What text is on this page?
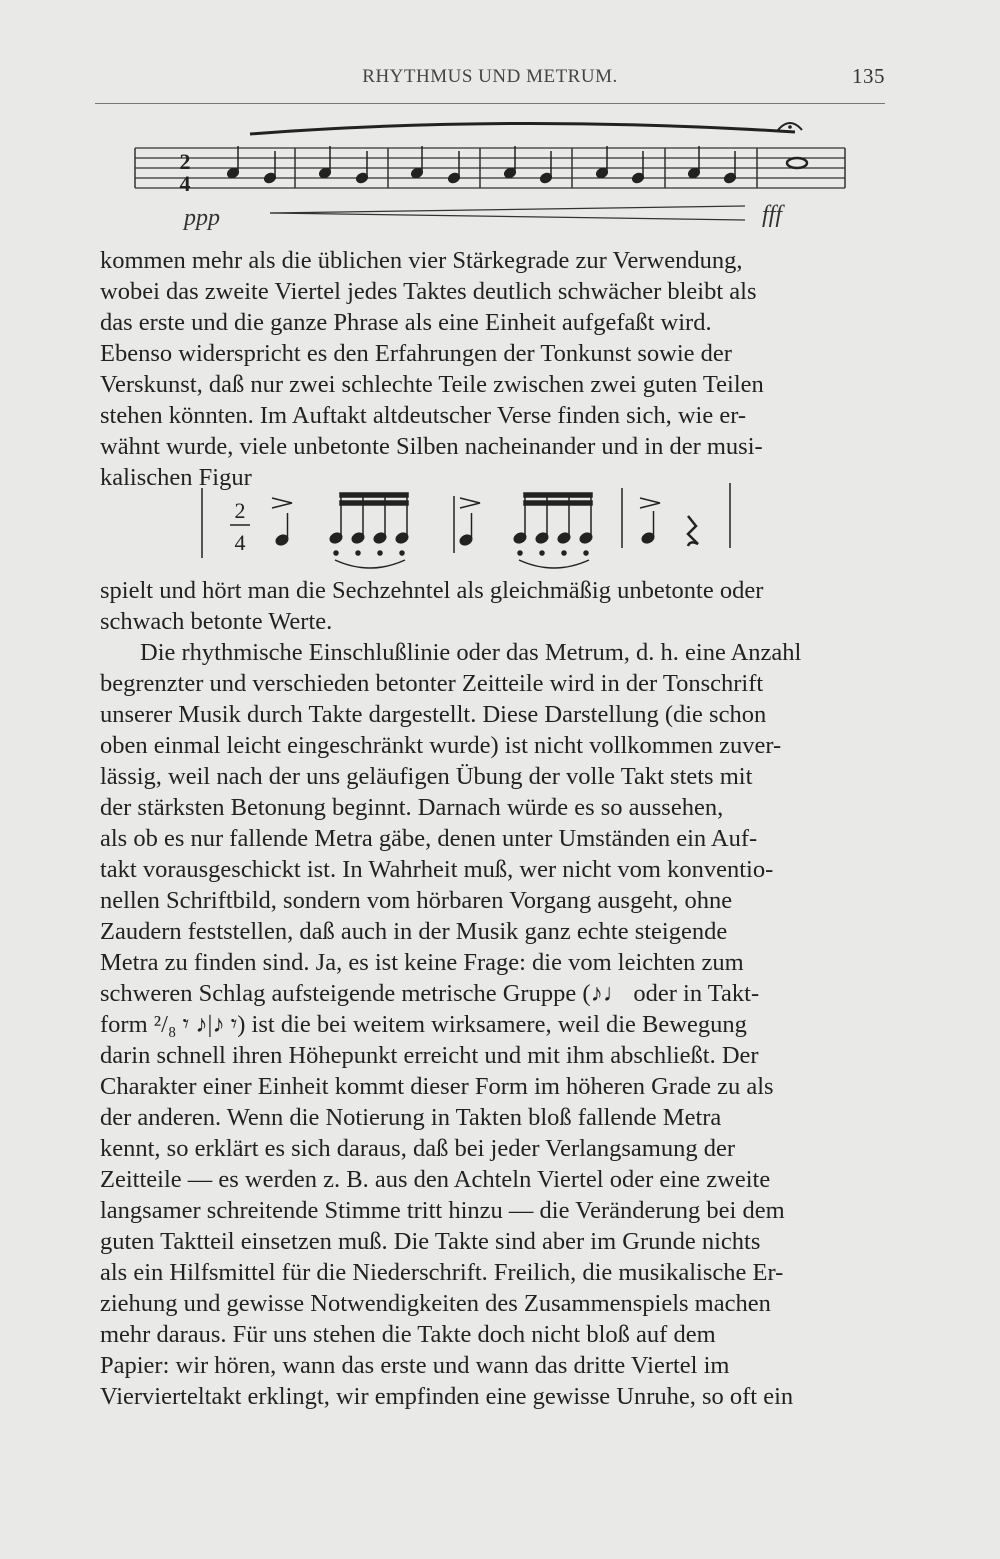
RHYTHMUS UND METRUM.	135
2
4
ppp	fff
kommen mehr als die üblichen vier Stärkegrade zur Verwendung,
wobei das zweite Viertel jedes Taktes deutlich schwächer bleibt als
das erste und die ganze Phrase als eine Einheit aufgefaßt wird.
Ebenso widerspricht es den Erfahrungen der Tonkunst sowie der
Verskunst, daß nur zwei schlechte Teile zwischen zwei guten Teilen
stehen könnten. Im Auftakt altdeutscher Verse finden sich, wie er-
wähnt wurde, viele unbetonte Silben nacheinander und in der musi-
kalischen Figur
2
4
spielt und hört man die Sechzehntel als gleichmäßig unbetonte oder
schwach betonte Werte.
Die rhythmische Einschlußlinie oder das Metrum, d. h. eine Anzahl
begrenzter und verschieden betonter Zeitteile wird in der Tonschrift
unserer Musik durch Takte dargestellt. Diese Darstellung (die schon
oben einmal leicht eingeschränkt wurde) ist nicht vollkommen zuver-
lässig, weil nach der uns geläufigen Übung der volle Takt stets mit
der stärksten Betonung beginnt. Darnach würde es so aussehen,
als ob es nur fallende Metra gäbe, denen unter Umständen ein Auf-
takt vorausgeschickt ist. In Wahrheit muß, wer nicht vom konventio-
nellen Schriftbild, sondern vom hörbaren Vorgang ausgeht, ohne
Zaudern feststellen, daß auch in der Musik ganz echte steigende
Metra zu finden sind. Ja, es ist keine Frage: die vom leichten zum
schweren Schlag aufsteigende metrische Gruppe (♪♩ oder in Takt-
form ²/₈ 𝄾 ♪|♪ 𝄾) ist die bei weitem wirksamere, weil die Bewegung
darin schnell ihren Höhepunkt erreicht und mit ihm abschließt. Der
Charakter einer Einheit kommt dieser Form im höheren Grade zu als
der anderen. Wenn die Notierung in Takten bloß fallende Metra
kennt, so erklärt es sich daraus, daß bei jeder Verlangsamung der
Zeitteile — es werden z. B. aus den Achteln Viertel oder eine zweite
langsamer schreitende Stimme tritt hinzu — die Veränderung bei dem
guten Taktteil einsetzen muß. Die Takte sind aber im Grunde nichts
als ein Hilfsmittel für die Niederschrift. Freilich, die musikalische Er-
ziehung und gewisse Notwendigkeiten des Zusammenspiels machen
mehr daraus. Für uns stehen die Takte doch nicht bloß auf dem
Papier: wir hören, wann das erste und wann das dritte Viertel im
Viervierteltakt erklingt, wir empfinden eine gewisse Unruhe, so oft ein
